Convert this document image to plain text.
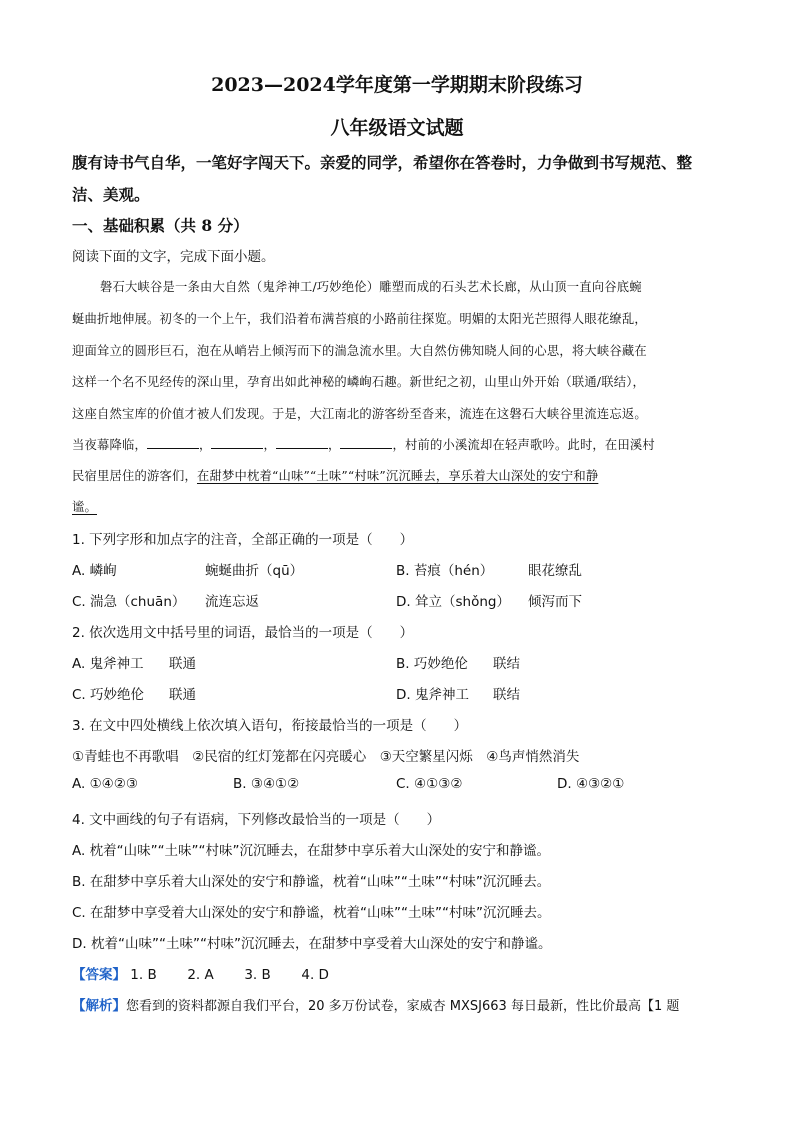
2023—2024学年度第一学期期末阶段练习
八年级语文试题
腹有诗书气自华，一笔好字闯天下。亲爱的同学，希望你在答卷时，力争做到书写规范、整
洁、美观。
一、基础积累（共 8 分）
阅读下面的文字，完成下面小题。
磐石大峡谷是一条由大自然（鬼斧神工/巧妙绝伦）雕塑而成的石头艺术长廊，从山顶一直向谷底蜿
蜒曲折地伸展。初冬的一个上午，我们沿着布满苔痕的小路前往探览。明媚的太阳光芒照得人眼花缭乱，
迎面耸立的圆形巨石，泡在从峭岩上倾泻而下的湍急流水里。大自然仿佛知晓人间的心思，将大峡谷藏在
这样一个名不见经传的深山里，孕育出如此神秘的嶙峋石趣。新世纪之初，山里山外开始（联通/联结），
这座自然宝库的价值才被人们发现。于是，大江南北的游客纷至沓来，流连在这磐石大峡谷里流连忘返。
当夜幕降临，	，	，	，	，村前的小溪流却在轻声歌吟。此时，在田溪村
民宿里居住的游客们，在甜梦中枕着“山味”“土味”“村味”沉沉睡去，享乐着大山深处的安宁和静
谧。
1. 下列字形和加点字的注音，全部正确的一项是（　　）
A. 嶙峋	蜿蜒曲折（qū）	B. 苔痕（hén）	眼花缭乱
C. 湍急（chuān） 流连忘返	D. 耸立（shǒng） 倾泻而下
2. 依次选用文中括号里的词语，最恰当的一项是（　　）
A. 鬼斧神工 联通	B. 巧妙绝伦 联结
C. 巧妙绝伦 联通	D. 鬼斧神工 联结
3. 在文中四处横线上依次填入语句，衔接最恰当的一项是（　　）
①青蛙也不再歌唱　②民宿的红灯笼都在闪亮暖心　③天空繁星闪烁　④鸟声悄然消失
A. ①④②③	B. ③④①②	C. ④①③②	D. ④③②①
4. 文中画线的句子有语病，下列修改最恰当的一项是（　　）
A. 枕着“山味”“土味”“村味”沉沉睡去，在甜梦中享乐着大山深处的安宁和静谧。
B. 在甜梦中享乐着大山深处的安宁和静谧，枕着“山味”“土味”“村味”沉沉睡去。
C. 在甜梦中享受着大山深处的安宁和静谧，枕着“山味”“土味”“村味”沉沉睡去。
D. 枕着“山味”“土味”“村味”沉沉睡去，在甜梦中享受着大山深处的安宁和静谧。
【答案】 1. B 2. A 3. B 4. D
【解析】您看到的资料都源自我们平台，20 多万份试卷，家威杏 MXSJ663 每日最新，性比价最高【1 题
